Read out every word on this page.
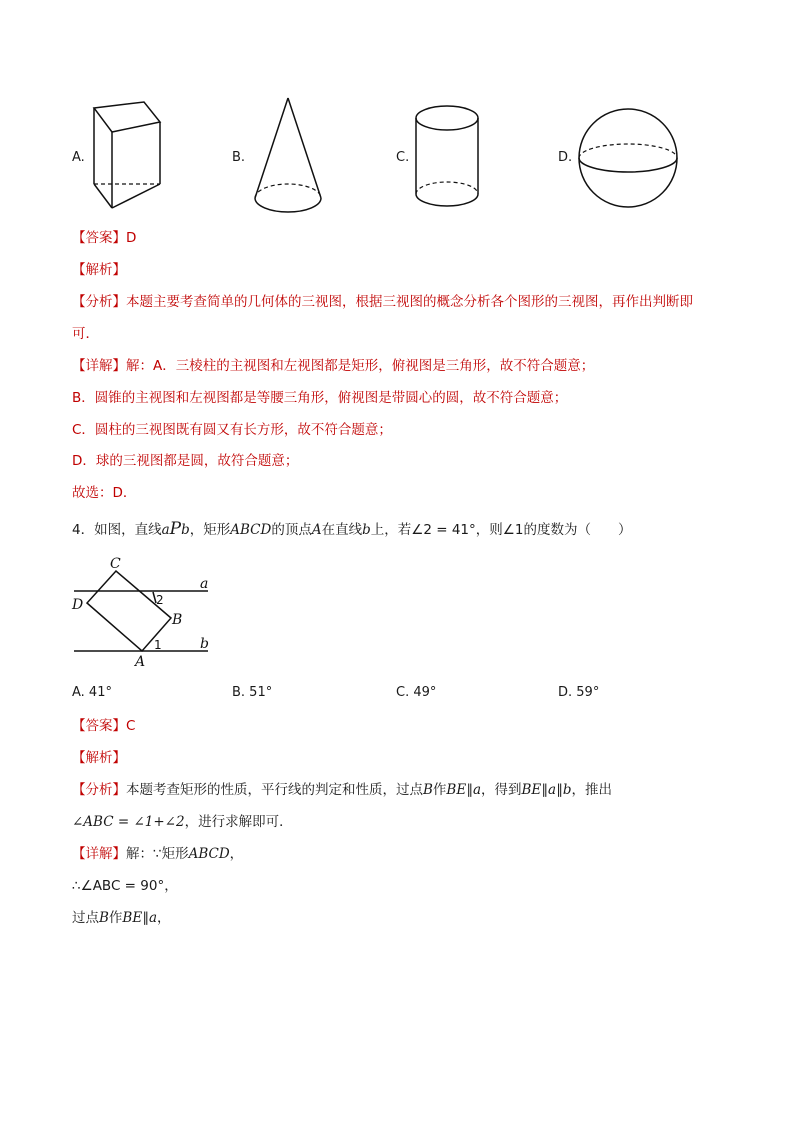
A.	B.	C.	D.
【答案】D
【解析】
【分析】本题主要考查简单的几何体的三视图，根据三视图的概念分析各个图形的三视图，再作出判断即
可．
【详解】解：A．三棱柱的主视图和左视图都是矩形，俯视图是三角形，故不符合题意；
B．圆锥的主视图和左视图都是等腰三角形，俯视图是带圆心的圆，故不符合题意；
C．圆柱的三视图既有圆又有长方形，故不符合题意；
D．球的三视图都是圆，故符合题意；
故选：D．
4．如图，直线aPb，矩形ABCD的顶点A在直线b上，若∠2 = 41°，则∠1的度数为（　　）
C
a
D	2
B
1	b
A
A. 41°	B. 51°	C. 49°	D. 59°
【答案】C
【解析】
【分析】本题考查矩形的性质，平行线的判定和性质，过点B作BE∥a，得到BE∥a∥b，推出
∠ABC = ∠1+∠2，进行求解即可．
【详解】解：∵矩形ABCD，
∴∠ABC = 90°，
过点B作BE∥a，
